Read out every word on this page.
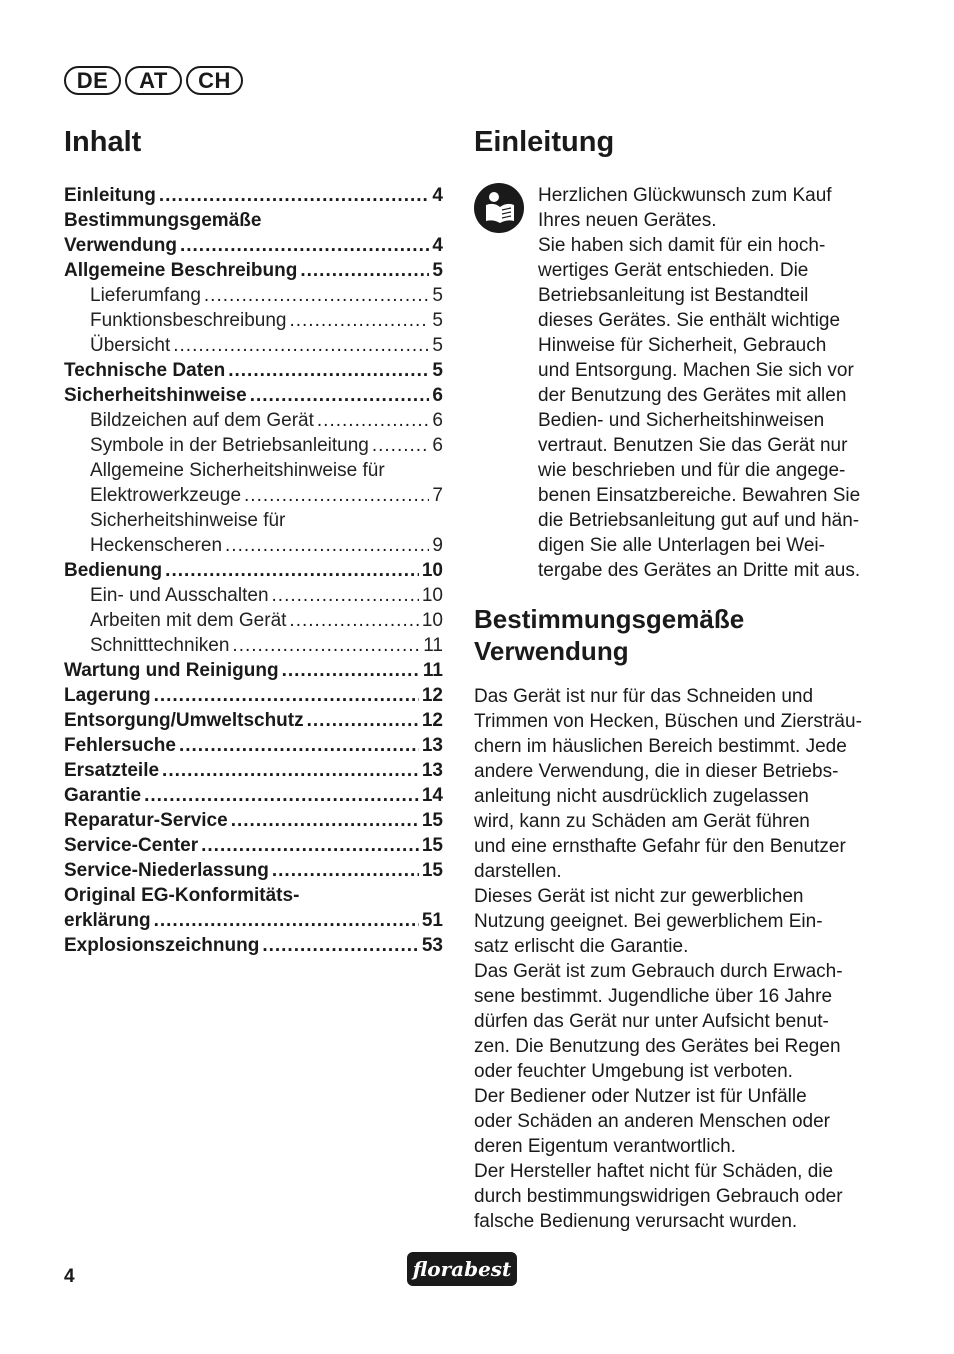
DE	AT	CH
Inhalt
Einleitung .....	4
Bestimmungsgemäße
Verwendung .....	4
Allgemeine Beschreibung .....	5
Lieferumfang .....	5
Funktionsbeschreibung .....	5
Übersicht .....	5
Technische Daten .....	5
Sicherheitshinweise .....	6
Bildzeichen auf dem Gerät .....	6
Symbole in der Betriebsanleitung .....	6
Allgemeine Sicherheitshinweise für
Elektrowerkzeuge .....	7
Sicherheitshinweise für
Heckenscheren .....	9
Bedienung .....	10
Ein- und Ausschalten .....	10
Arbeiten mit dem Gerät .....	10
Schnitttechniken .....	11
Wartung und Reinigung .....	11
Lagerung .....	12
Entsorgung/Umweltschutz .....	12
Fehlersuche .....	13
Ersatzteile .....	13
Garantie .....	14
Reparatur-Service .....	15
Service-Center .....	15
Service-Niederlassung .....	15
Original EG-Konformitäts-
erklärung .....	51
Explosionszeichnung .....	53
Einleitung
Herzlichen Glückwunsch zum Kauf
Ihres neuen Gerätes.
Sie haben sich damit für ein hoch-
wertiges Gerät entschieden. Die
Betriebsanleitung ist Bestandteil
dieses Gerätes. Sie enthält wichtige
Hinweise für Sicherheit, Gebrauch
und Entsorgung. Machen Sie sich vor
der Benutzung des Gerätes mit allen
Bedien- und Sicherheitshinweisen
vertraut. Benutzen Sie das Gerät nur
wie beschrieben und für die angege-
benen Einsatzbereiche. Bewahren Sie
die Betriebsanleitung gut auf und hän-
digen Sie alle Unterlagen bei Wei-
tergabe des Gerätes an Dritte mit aus.
Bestimmungsgemäße
Verwendung
Das Gerät ist nur für das Schneiden und
Trimmen von Hecken, Büschen und Ziersträu-
chern im häuslichen Bereich bestimmt. Jede
andere Verwendung, die in dieser Betriebs-
anleitung nicht ausdrücklich zugelassen
wird, kann zu Schäden am Gerät führen
und eine ernsthafte Gefahr für den Benutzer
darstellen.
Dieses Gerät ist nicht zur gewerblichen
Nutzung geeignet. Bei gewerblichem Ein-
satz erlischt die Garantie.
Das Gerät ist zum Gebrauch durch Erwach-
sene bestimmt. Jugendliche über 16 Jahre
dürfen das Gerät nur unter Aufsicht benut-
zen. Die Benutzung des Gerätes bei Regen
oder feuchter Umgebung ist verboten.
Der Bediener oder Nutzer ist für Unfälle
oder Schäden an anderen Menschen oder
deren Eigentum verantwortlich.
Der Hersteller haftet nicht für Schäden, die
durch bestimmungswidrigen Gebrauch oder
falsche Bedienung verursacht wurden.
4	florabest
